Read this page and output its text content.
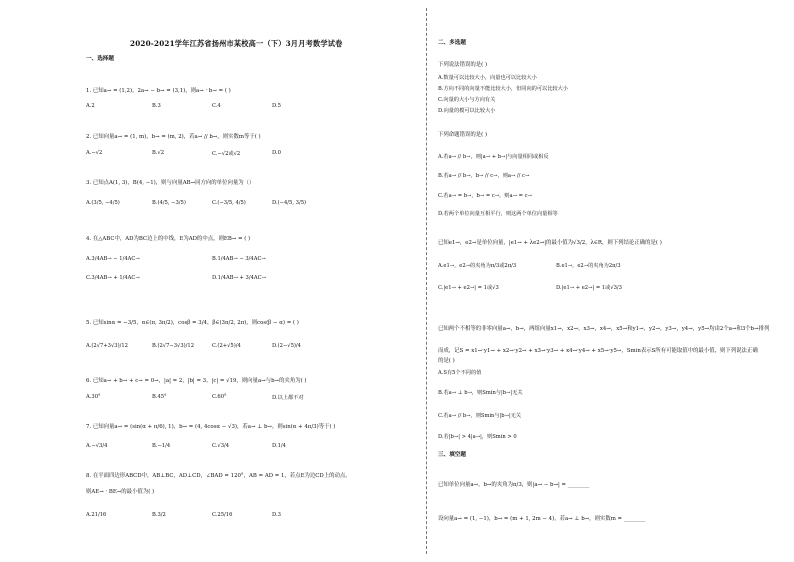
2020-2021学年江苏省扬州市某校高一（下）3月月考数学试卷
一、选择题
1. 已知a→ = (1,2)，2a→ − b→ = (3,1)，则a→ · b→ = ( )
A.2	B.3	C.4	D.5
2. 已知向量a→ = (1, m)，b→ = (m, 2)，若a→ // b→，则实数m等于( )
A.−√2	B.√2	C.−√2或√2	D.0
3. 已知点A(1, 3)，B(4, −1)，则与向量AB→同方向的单位向量为（）
A.(3/5, −4/5)	B.(4/5, −3/5)	C.(−3/5, 4/5)	D.(−4/5, 3/5)
4. 在△ABC中，AD为BC边上的中线，E为AD的中点，则EB→ = ( )
A.3/4AB→ − 1/4AC→	B.1/4AB→ − 3/4AC→
C.3/4AB→ + 1/4AC→	D.1/4AB→ + 3/4AC→
5. 已知sinα = −3/5，α∈(π, 3π/2)，cosβ = 3/4，β∈(3π/2, 2π)，则cos(β − α) = ( )
A.(2√7+3√3)/12	B.(2√7−3√3)/12	C.(2+√5)/4	D.(2−√5)/4
6. 已知a→ + b→ + c→ = 0→，|a| = 2，|b| = 3，|c| = √19，则向量a→与b→的夹角为( )
A.30°	B.45°	C.60°	D.以上都不对
7. 已知向量a→ = (sin(α + π/6), 1)，b→ = (4, 4cosα − √3)，若a→ ⊥ b→，则sin(α + 4π/3)等于( )
A.−√3/4	B.−1/4	C.√3/4	D.1/4
8. 在平面四边形ABCD中，AB⊥BC，AD⊥CD，∠BAD = 120°，AB = AD = 1，若点E为边CD上的动点，
则AE→ · BE→的最小值为( )
A.21/16	B.3/2	C.25/16	D.3
二、多选题
下列说法错误的是( )
A.数量可以比较大小，向量也可以比较大小
B.方向不同的向量不能比较大小，但同向的可以比较大小
C.向量的大小与方向有关
D.向量的模可以比较大小
下列命题错误的是( )
A.若a→ // b→，则|a→ + b→|与向量相同或相反
B.若a→ // b→，b→ // c→，则a→ // c→
C.若a→ = b→，b→ = c→，则a→ = c→
D.若两个单位向量互相平行，则这两个单位向量相等
已知e1→，e2→是单位向量，|e1→ + λe2→|的最小值为√3/2，λ∈R，则下列结论正确的是( )
A.e1→，e2→的夹角为π/3或2π/3	B.e1→，e2→的夹角为2π/3
C.|e1→ + e2→| = 1或√3	D.|e1→ + e2→| = 1或√3/3
已知两个不相等的非零向量a→，b→，两组向量x1→，x2→，x3→，x4→，x5→和y1→，y2→，y3→，y4→，y5→均由2个a→和3个b→排列
而成，记S = x1→·y1→ + x2→·y2→ + x3→·y3→ + x4→·y4→ + x5→·y5→，Smin表示S所有可能取值中的最小值，则下列说法正确
的是( )
A.S有5个不同的值
B.若a→ ⊥ b→，则Smin与|b→|无关
C.若a→ // b→，则Smin与|b→|无关
D.若|b→| > 4|a→|，则Smin > 0
三、填空题
已知单位向量a→，b→的夹角为π/3，则|a→ − b→| = ________
设向量a→ = (1, −1)，b→ = (m + 1, 2m − 4)，若a→ ⊥ b→，则实数m = ________
